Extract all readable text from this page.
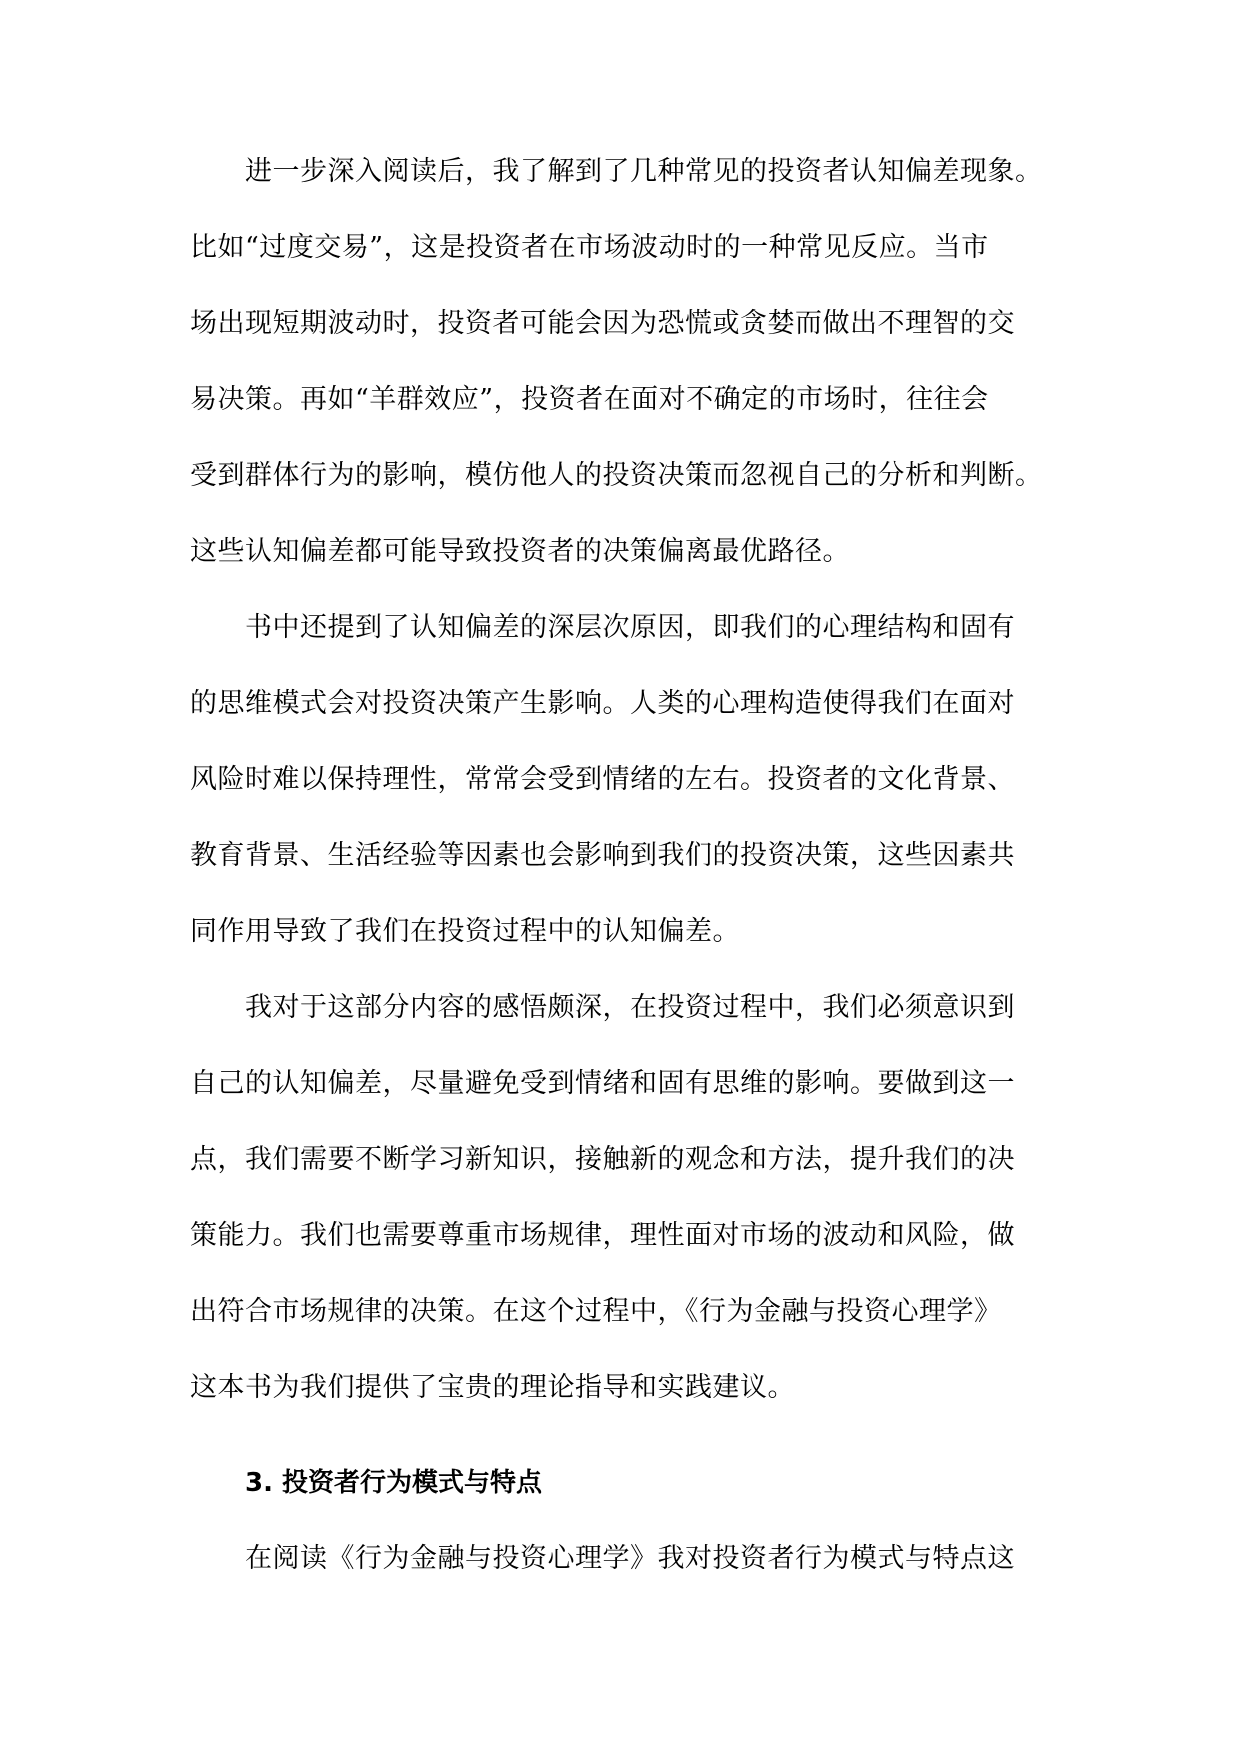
进一步深入阅读后，我了解到了几种常见的投资者认知偏差现象。
比如“过度交易”，这是投资者在市场波动时的一种常见反应。当市
场出现短期波动时，投资者可能会因为恐慌或贪婪而做出不理智的交
易决策。再如“羊群效应”，投资者在面对不确定的市场时，往往会
受到群体行为的影响，模仿他人的投资决策而忽视自己的分析和判断。
这些认知偏差都可能导致投资者的决策偏离最优路径。
书中还提到了认知偏差的深层次原因，即我们的心理结构和固有
的思维模式会对投资决策产生影响。人类的心理构造使得我们在面对
风险时难以保持理性，常常会受到情绪的左右。投资者的文化背景、
教育背景、生活经验等因素也会影响到我们的投资决策，这些因素共
同作用导致了我们在投资过程中的认知偏差。
我对于这部分内容的感悟颇深，在投资过程中，我们必须意识到
自己的认知偏差，尽量避免受到情绪和固有思维的影响。要做到这一
点，我们需要不断学习新知识，接触新的观念和方法，提升我们的决
策能力。我们也需要尊重市场规律，理性面对市场的波动和风险，做
出符合市场规律的决策。在这个过程中，《行为金融与投资心理学》
这本书为我们提供了宝贵的理论指导和实践建议。
3. 投资者行为模式与特点
在阅读《行为金融与投资心理学》我对投资者行为模式与特点这
